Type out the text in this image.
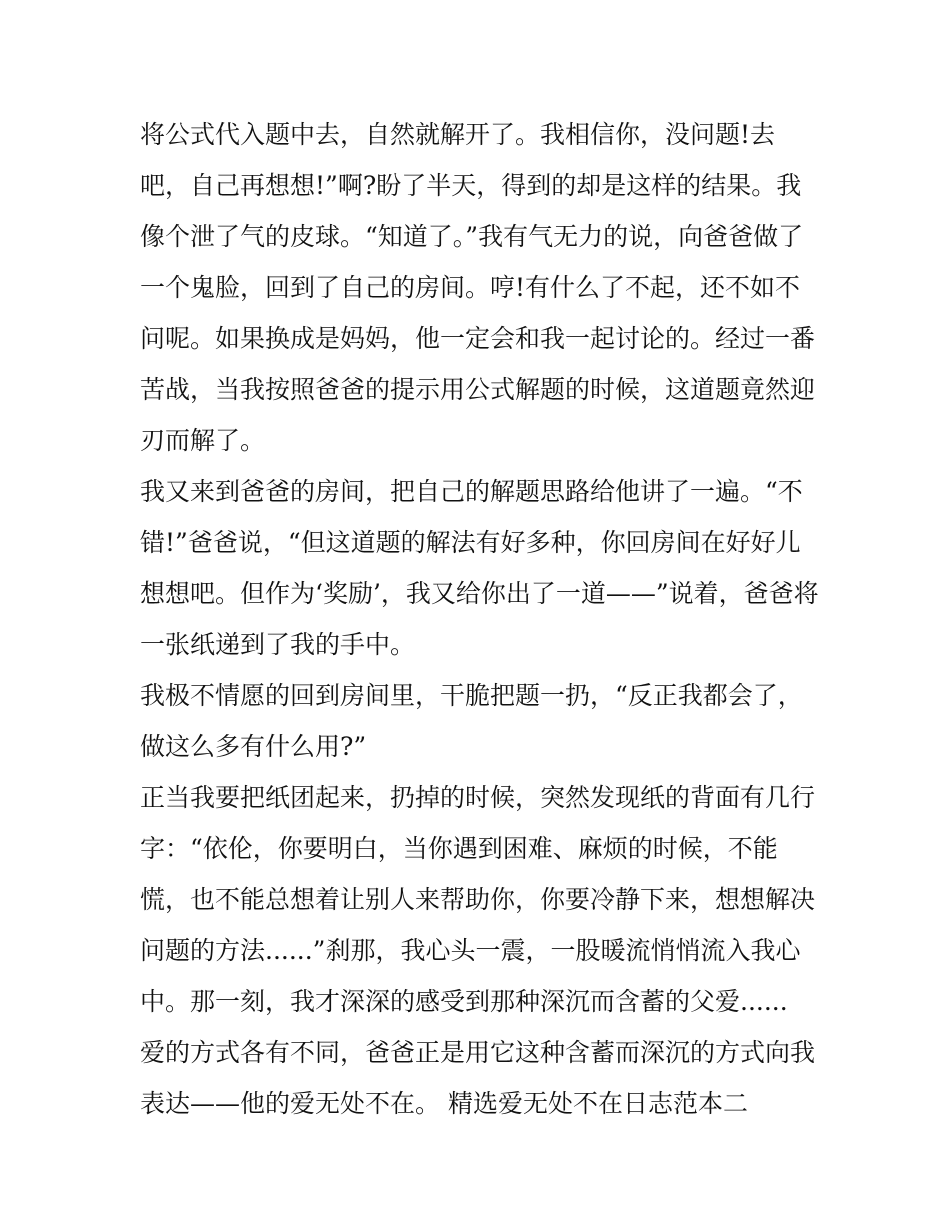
将公式代入题中去，自然就解开了。我相信你，没问题!去
吧，自己再想想!”啊?盼了半天，得到的却是这样的结果。我
像个泄了气的皮球。“知道了。”我有气无力的说，向爸爸做了
一个鬼脸，回到了自己的房间。哼!有什么了不起，还不如不
问呢。如果换成是妈妈，他一定会和我一起讨论的。经过一番
苦战，当我按照爸爸的提示用公式解题的时候，这道题竟然迎
刃而解了。
我又来到爸爸的房间，把自己的解题思路给他讲了一遍。“不
错!”爸爸说，“但这道题的解法有好多种，你回房间在好好儿
想想吧。但作为‘奖励’，我又给你出了一道——”说着，爸爸将
一张纸递到了我的手中。
我极不情愿的回到房间里，干脆把题一扔，“反正我都会了，
做这么多有什么用?”
正当我要把纸团起来，扔掉的时候，突然发现纸的背面有几行
字：“依伦，你要明白，当你遇到困难、麻烦的时候，不能
慌，也不能总想着让别人来帮助你，你要冷静下来，想想解决
问题的方法......”刹那，我心头一震，一股暖流悄悄流入我心
中。那一刻，我才深深的感受到那种深沉而含蓄的父爱......
爱的方式各有不同，爸爸正是用它这种含蓄而深沉的方式向我
表达——他的爱无处不在。 精选爱无处不在日志范本二
